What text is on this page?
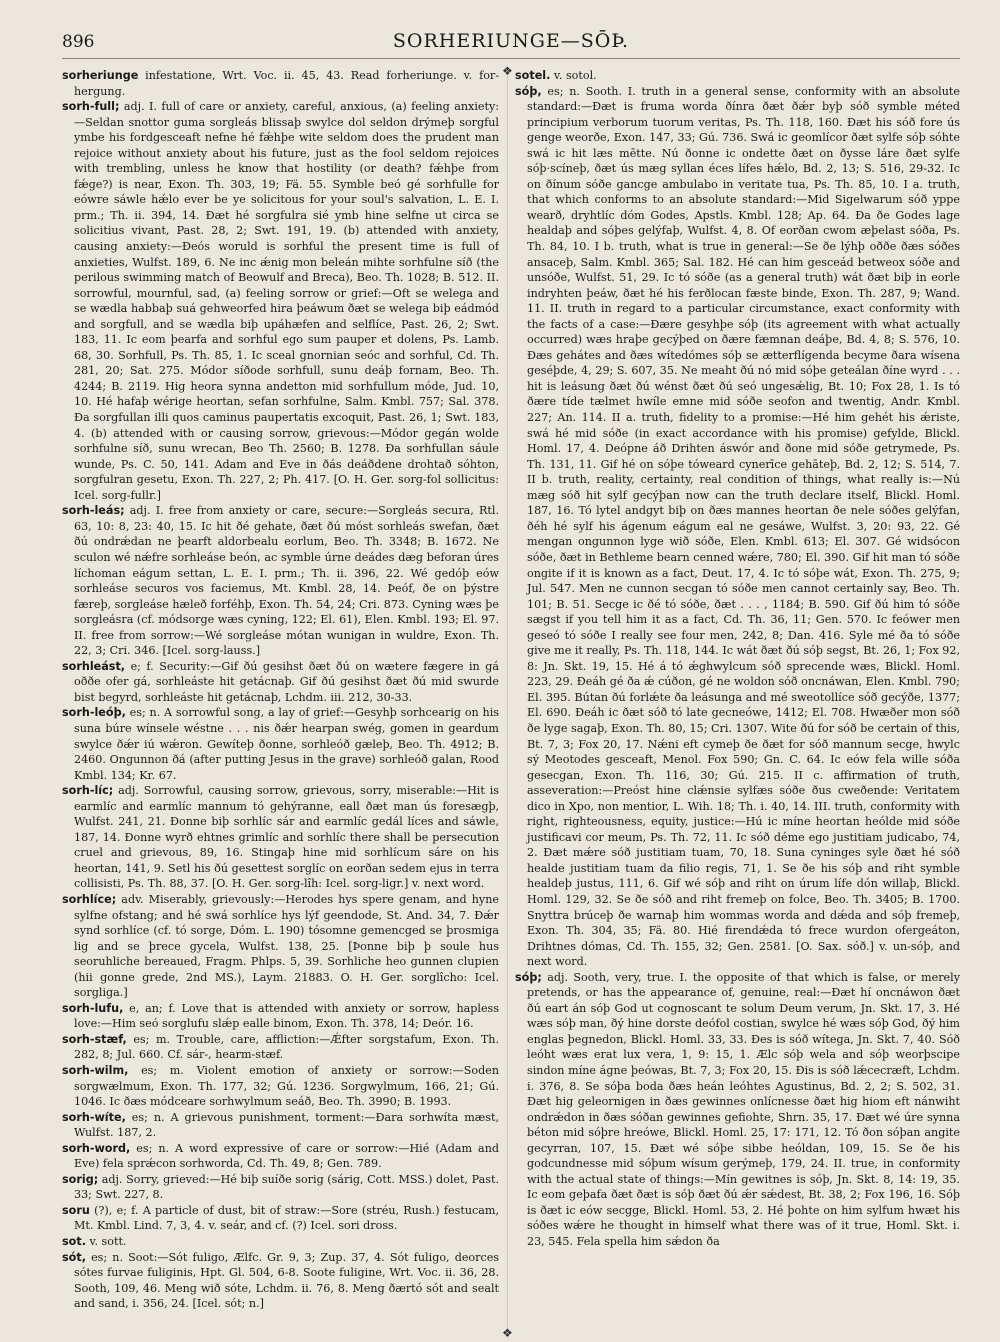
896	SORHERIUNGE—SŌÞ.
❖
❖

sorheriunge infestatione, Wrt. Voc. ii. 45, 43. Read forheriunge. v. for-hergung.

sorh-full; adj. I. full of care or anxiety, careful, anxious, (a) feeling anxiety:—Seldan snottor guma sorgleás blissaþ swylce dol seldon drýmeþ sorgful ymbe his fordgesceaft nefne hé fǽhþe wite seldom does the prudent man rejoice without anxiety about his future, just as the fool seldom rejoices with trembling, unless he know that hostility (or death? fǽhþe from fǽge?) is near, Exon. Th. 303, 19; Fä. 55. Symble beó gé sorhfulle for eówre sáwle hǽlo ever be ye solicitous for your soul's salvation, L. E. I. prm.; Th. ii. 394, 14. Ðæt hé sorgfulra sié ymb hine selfne ut circa se solicitius vivant, Past. 28, 2; Swt. 191, 19. (b) attended with anxiety, causing anxiety:—Ðeós woruld is sorhful the present time is full of anxieties, Wulfst. 189, 6. Ne inc ǽnig mon beleán mihte sorhfulne síð (the perilous swimming match of Beowulf and Breca), Beo. Th. 1028; B. 512. II. sorrowful, mournful, sad, (a) feeling sorrow or grief:—Oft se welega and se wædla habbaþ suá gehweorfed hira þeáwum ðæt se welega biþ eádmód and sorgfull, and se wædla biþ upáhæfen and selflíce, Past. 26, 2; Swt. 183, 11. Ic eom þearfa and sorhful ego sum pauper et dolens, Ps. Lamb. 68, 30. Sorhfull, Ps. Th. 85, 1. Ic sceal gnornian seóc and sorhful, Cd. Th. 281, 20; Sat. 275. Módor síðode sorhfull, sunu deáþ fornam, Beo. Th. 4244; B. 2119. Hig heora synna andetton mid sorhfullum móde, Jud. 10, 10. Hé hafaþ wérige heortan, sefan sorhfulne, Salm. Kmbl. 757; Sal. 378. Ða sorgfullan illi quos caminus paupertatis excoquit, Past. 26, 1; Swt. 183, 4. (b) attended with or causing sorrow, grievous:—Módor gegán wolde sorhfulne síð, sunu wrecan, Beo Th. 2560; B. 1278. Ða sorhfullan sáule wunde, Ps. C. 50, 141. Adam and Eve in ðás deáðdene drohtað sóhton, sorgfulran gesetu, Exon. Th. 227, 2; Ph. 417. [O. H. Ger. sorg-fol sollicitus: Icel. sorg-fullr.]

sorh-leás; adj. I. free from anxiety or care, secure:—Sorgleás secura, Rtl. 63, 10: 8, 23: 40, 15. Ic hit ðé gehate, ðæt ðú móst sorhleás swefan, ðæt ðú ondrǽdan ne þearft aldorbealu eorlum, Beo. Th. 3348; B. 1672. Ne sculon wé nǽfre sorhleáse beón, ac symble úrne deádes dæg beforan úres líchoman eágum settan, L. E. I. prm.; Th. ii. 396, 22. Wé gedóþ eów sorhleáse securos vos faciemus, Mt. Kmbl. 28, 14. Þeóf, ðe on þýstre færeþ, sorgleáse hæleð forféhþ, Exon. Th. 54, 24; Cri. 873. Cyning wæs þe sorgleásra (cf. módsorge wæs cyning, 122; El. 61), Elen. Kmbl. 193; El. 97. II. free from sorrow:—Wé sorgleáse mótan wunigan in wuldre, Exon. Th. 22, 3; Cri. 346. [Icel. sorg-lauss.]

sorhleást, e; f. Security:—Gif ðú gesihst ðæt ðú on wætere fægere in gá oððe ofer gá, sorhleáste hit getácnaþ. Gif ðú gesihst ðæt ðú mid swurde bist begyrd, sorhleáste hit getácnaþ, Lchdm. iii. 212, 30-33.

sorh-leóþ, es; n. A sorrowful song, a lay of grief:—Gesyhþ sorhcearig on his suna búre wínsele wéstne . . . nis ðǽr hearpan swég, gomen in geardum swylce ðǽr iú wǽron. Gewíteþ ðonne, sorhleóð gæleþ, Beo. Th. 4912; B. 2460. Ongunnon ðá (after putting Jesus in the grave) sorhleóð galan, Rood Kmbl. 134; Kr. 67.

sorh-líc; adj. Sorrowful, causing sorrow, grievous, sorry, miserable:—Hit is earmlíc and earmlíc mannum tó gehýranne, eall ðæt man ús foresægþ, Wulfst. 241, 21. Ðonne biþ sorhlíc sár and earmlíc gedál líces and sáwle, 187, 14. Ðonne wyrð ehtnes grimlíc and sorhlíc there shall be persecution cruel and grievous, 89, 16. Stingaþ hine mid sorhlícum sáre on his heortan, 141, 9. Setl his ðú gesettest sorglíc on eorðan sedem ejus in terra collisisti, Ps. Th. 88, 37. [O. H. Ger. sorg-lîh: Icel. sorg-ligr.] v. next word.

sorhlíce; adv. Miserably, grievously:—Herodes hys spere genam, and hyne sylfne ofstang; and hé swá sorhlíce hys lýf geendode, St. And. 34, 7. Ðǽr synd sorhlíce (cf. tó sorge, Dóm. L. 190) tósomne gemencged se þrosmiga lig and se þrece gycela, Wulfst. 138, 25. [Þonne biþ þ soule hus seoruhliche bereaued, Fragm. Phlps. 5, 39. Sorhliche heo gunnen clupien (hii gonne grede, 2nd MS.), Laym. 21883. O. H. Ger. sorglîcho: Icel. sorgliga.]

sorh-lufu, e, an; f. Love that is attended with anxiety or sorrow, hapless love:—Him seó sorglufu slǽp ealle binom, Exon. Th. 378, 14; Deór. 16.

sorh-stæf, es; m. Trouble, care, affliction:—Ǽfter sorgstafum, Exon. Th. 282, 8; Jul. 660. Cf. sár-, hearm-stæf.

sorh-wilm, es; m. Violent emotion of anxiety or sorrow:—Soden sorgwælmum, Exon. Th. 177, 32; Gú. 1236. Sorgwylmum, 166, 21; Gú. 1046. Ic ðæs módceare sorhwylmum seáð, Beo. Th. 3990; B. 1993.

sorh-wíte, es; n. A grievous punishment, torment:—Ðara sorhwíta mæst, Wulfst. 187, 2.

sorh-word, es; n. A word expressive of care or sorrow:—Hié (Adam and Eve) fela sprǽcon sorhworda, Cd. Th. 49, 8; Gen. 789.

sorig; adj. Sorry, grieved:—Hé biþ suíðe sorig (sárig, Cott. MSS.) dolet, Past. 33; Swt. 227, 8.

soru (?), e; f. A particle of dust, bit of straw:—Sore (stréu, Rush.) festucam, Mt. Kmbl. Lind. 7, 3, 4. v. seár, and cf. (?) Icel. sori dross.

sot. v. sott.

sót, es; n. Soot:—Sót fuligo, Ælfc. Gr. 9, 3; Zup. 37, 4. Sót fuligo, deorces sótes furvae fuliginis, Hpt. Gl. 504, 6-8. Soote fuligine, Wrt. Voc. ii. 36, 28. Sooth, 109, 46. Meng wið sóte, Lchdm. ii. 76, 8. Meng ðærtó sót and sealt and sand, i. 356, 24. [Icel. sót; n.]

sotel. v. sotol.

sóþ, es; n. Sooth. I. truth in a general sense, conformity with an absolute standard:—Ðæt is fruma worda ðínra ðæt ðǽr byþ sóð symble méted principium verborum tuorum veritas, Ps. Th. 118, 160. Ðæt his sóð fore ús genge weorðe, Exon. 147, 33; Gú. 736. Swá ic geomlícor ðæt sylfe sóþ sóhte swá ic hit læs mētte. Nú ðonne ic ondette ðæt on ðysse láre ðæt sylfe sóþ·scíneþ, ðæt ús mæg syllan éces lífes hǽlo, Bd. 2, 13; S. 516, 29-32. Ic on ðínum sóðe gancge ambulabo in veritate tua, Ps. Th. 85, 10. I a. truth, that which conforms to an absolute standard:—Mid Sigelwarum sóð yppe wearð, dryhtlíc dóm Godes, Apstls. Kmbl. 128; Ap. 64. Ða ðe Godes lage healdaþ and sóþes gelýfaþ, Wulfst. 4, 8. Of eorðan cwom æþelast sóða, Ps. Th. 84, 10. I b. truth, what is true in general:—Se ðe lýhþ oððe ðæs sóðes ansaceþ, Salm. Kmbl. 365; Sal. 182. Hé can him gesceád betweox sóðe and unsóðe, Wulfst. 51, 29. Ic tó sóðe (as a general truth) wát ðæt biþ in eorle indryhten þeáw, ðæt hé his ferðlocan fæste binde, Exon. Th. 287, 9; Wand. 11. II. truth in regard to a particular circumstance, exact conformity with the facts of a case:—Ðære gesyhþe sóþ (its agreement with what actually occurred) wæs hraþe gecýþed on ðære fæmnan deáþe, Bd. 4, 8; S. 576, 10. Ðæs gehátes and ðæs wítedómes sóþ se ætterflígenda becyme ðara wísena geséþde, 4, 29; S. 607, 35. Ne meaht ðú nó mid sóþe geteálan ðíne wyrd . . . hit is leásung ðæt ðú wénst ðæt ðú seó ungesǽlig, Bt. 10; Fox 28, 1. Is tó ðære tíde tælmet hwíle emne mid sóðe seofon and twentig, Andr. Kmbl. 227; An. 114. II a. truth, fidelity to a promise:—Hé him gehét his ǽriste, swá hé mid sóðe (in exact accordance with his promise) gefylde, Blickl. Homl. 17, 4. Deópne áð Drihten áswór and ðone mid sóðe getrymede, Ps. Th. 131, 11. Gif hé on sóþe tóweard cynerīce gehāteþ, Bd. 2, 12; S. 514, 7. II b. truth, reality, certainty, real condition of things, what really is:—Nú mæg sóð hit sylf gecýþan now can the truth declare itself, Blickl. Homl. 187, 16. Tó lytel andgyt biþ on ðæs mannes heortan ðe nele sóðes gelýfan, ðéh hé sylf his ágenum eágum eal ne gesáwe, Wulfst. 3, 20: 93, 22. Gé mengan ongunnon lyge wið sóðe, Elen. Kmbl. 613; El. 307. Gé widsócon sóðe, ðæt in Bethleme bearn cenned wǽre, 780; El. 390. Gif hit man tó sóðe ongite if it is known as a fact, Deut. 17, 4. Ic tó sóþe wát, Exon. Th. 275, 9; Jul. 547. Men ne cunnon secgan tó sóðe men cannot certainly say, Beo. Th. 101; B. 51. Secge ic ðé tó sóðe, ðæt . . . , 1184; B. 590. Gif ðú him tó sóðe sægst if you tell him it as a fact, Cd. Th. 36, 11; Gen. 570. Ic feówer men geseó tó sóðe I really see four men, 242, 8; Dan. 416. Syle mé ða tó sóðe give me it really, Ps. Th. 118, 144. Ic wát ðæt ðú sóþ segst, Bt. 26, 1; Fox 92, 8: Jn. Skt. 19, 15. Hé á tó ǽghwylcum sóð sprecende wæs, Blickl. Homl. 223, 29. Ðeáh gé ða ǽ cúðon, gé ne woldon sóð oncnáwan, Elen. Kmbl. 790; El. 395. Bútan ðú forlǽte ða leásunga and mé sweotollíce sóð gecýðe, 1377; El. 690. Ðeáh ic ðæt sóð tó late gecneówe, 1412; El. 708. Hwæðer mon sóð ðe lyge sagaþ, Exon. Th. 80, 15; Cri. 1307. Wite ðú for sóð be certain of this, Bt. 7, 3; Fox 20, 17. Nǽni eft cymeþ ðe ðæt for sóð mannum secge, hwylc sý Meotodes gesceaft, Menol. Fox 590; Gn. C. 64. Ic eów fela wille sóða gesecgan, Exon. Th. 116, 30; Gú. 215. II c. affirmation of truth, asseveration:—Preóst hine clǽnsie sylfæs sóðe ðus cweðende: Veritatem dico in Xpo, non mentior, L. Wih. 18; Th. i. 40, 14. III. truth, conformity with right, righteousness, equity, justice:—Hú ic míne heortan heólde mid sóðe justificavi cor meum, Ps. Th. 72, 11. Ic sóð déme ego justitiam judicabo, 74, 2. Ðæt mǽre sóð justitiam tuam, 70, 18. Suna cyninges syle ðæt hé sóð healde justitiam tuam da filio regis, 71, 1. Se ðe his sóþ and riht symble healdeþ justus, 111, 6. Gif wé sóþ and riht on úrum lífe dón willaþ, Blickl. Homl. 129, 32. Se ðe sóð and riht fremeþ on folce, Beo. Th. 3405; B. 1700. Snyttra brúceþ ðe warnaþ him wommas worda and dǽda and sóþ fremeþ, Exon. Th. 304, 35; Fä. 80. Hié firendǽda tó frece wurdon ofergeáton, Drihtnes dómas, Cd. Th. 155, 32; Gen. 2581. [O. Sax. sóð.] v. un-sóþ, and next word.

sóþ; adj. Sooth, very, true. I. the opposite of that which is false, or merely pretends, or has the appearance of, genuine, real:—Ðæt hí oncnáwon ðæt ðú eart án sóþ God ut cognoscant te solum Deum verum, Jn. Skt. 17, 3. Hé wæs sóþ man, ðý hine dorste deófol costian, swylce hé wæs sóþ God, ðý him englas þegnedon, Blickl. Homl. 33, 33. Ðes is sóð wítega, Jn. Skt. 7, 40. Sóð leóht wæs erat lux vera, 1, 9: 15, 1. Ælc sóþ wela and sóþ weorþscipe sindon míne ágne þeówas, Bt. 7, 3; Fox 20, 15. Ðis is sóð lǽcecræft, Lchdm. i. 376, 8. Se sóþa boda ðæs heán leóhtes Agustinus, Bd. 2, 2; S. 502, 31. Ðæt hig geleornigen in ðæs gewinnes onlícnesse ðæt hig hiom eft nánwiht ondrǽdon in ðæs sóðan gewinnes gefiohte, Shrn. 35, 17. Ðæt wé úre synna béton mid sóþre hreówe, Blickl. Homl. 25, 17: 171, 12. Tó ðon sóþan angite gecyrran, 107, 15. Ðæt wé sóþe sibbe heóldan, 109, 15. Se ðe his godcundnesse mid sóþum wísum gerýmeþ, 179, 24. II. true, in conformity with the actual state of things:—Mín gewitnes is sóþ, Jn. Skt. 8, 14: 19, 35. Ic eom geþafa ðæt ðæt is sóþ ðæt ðú ǽr sǽdest, Bt. 38, 2; Fox 196, 16. Sóþ is ðæt ic eów secgge, Blickl. Homl. 53, 2. Hé þohte on him sylfum hwæt his sóðes wǽre he thought in himself what there was of it true, Homl. Skt. i. 23, 545. Fela spella him sǽdon ða
